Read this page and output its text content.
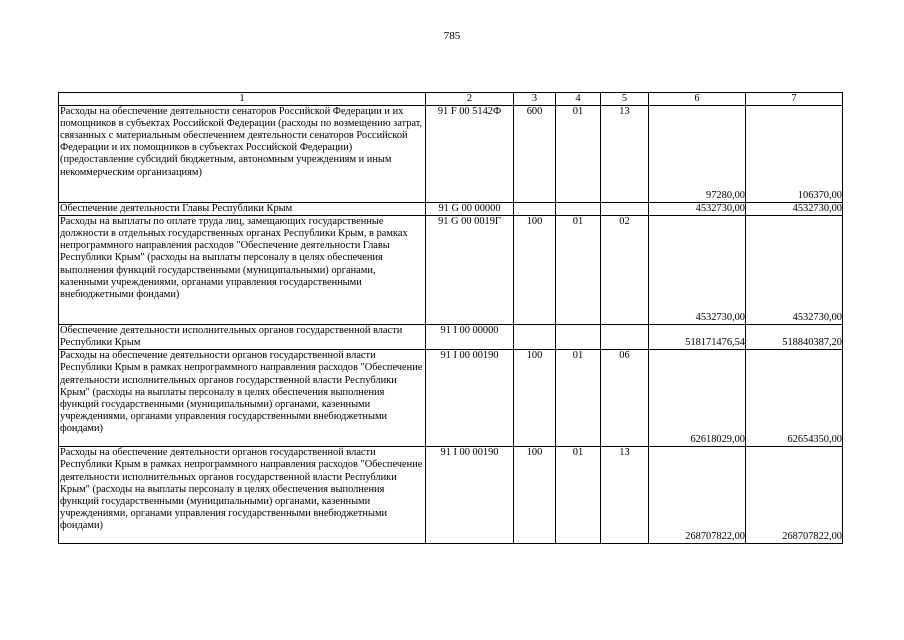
785
1	2	3	4	5	6	7
Расходы на обеспечение деятельности сенаторов Российской Федерации и их помощников в субъектах Российской Федерации (расходы по возмещению затрат, связанных с материальным обеспечением деятельности сенаторов Российской Федерации и их помощников в субъектах Российской Федерации) (предоставление субсидий бюджетным, автономным учреждениям и иным некоммерческим организациям)	91 F 00 5142Ф	600	01	13	97280,00	106370,00
Обеспечение деятельности Главы Республики Крым	91 G 00 00000				4532730,00	4532730,00
Расходы на выплаты по оплате труда лиц, замещающих государственные должности в отдельных государственных органах Республики Крым, в рамках непрограммного направления расходов "Обеспечение деятельности Главы Республики Крым" (расходы на выплаты персоналу в целях обеспечения выполнения функций государственными (муниципальными) органами, казенными учреждениями, органами управления государственными внебюджетными фондами)	91 G 00 0019Г	100	01	02	4532730,00	4532730,00
Обеспечение деятельности исполнительных органов государственной власти Республики Крым	91 I 00 00000				518171476,54	518840387,20
Расходы на обеспечение деятельности органов государственной власти Республики Крым в рамках непрограммного направления расходов "Обеспечение деятельности исполнительных органов государственной власти Республики Крым" (расходы на выплаты персоналу в целях обеспечения выполнения функций государственными (муниципальными) органами, казенными учреждениями, органами управления государственными внебюджетными фондами)	91 I 00 00190	100	01	06	62618029,00	62654350,00
Расходы на обеспечение деятельности органов государственной власти Республики Крым в рамках непрограммного направления расходов "Обеспечение деятельности исполнительных органов государственной власти Республики Крым" (расходы на выплаты персоналу в целях обеспечения выполнения функций государственными (муниципальными) органами, казенными учреждениями, органами управления государственными внебюджетными фондами)	91 I 00 00190	100	01	13	268707822,00	268707822,00
